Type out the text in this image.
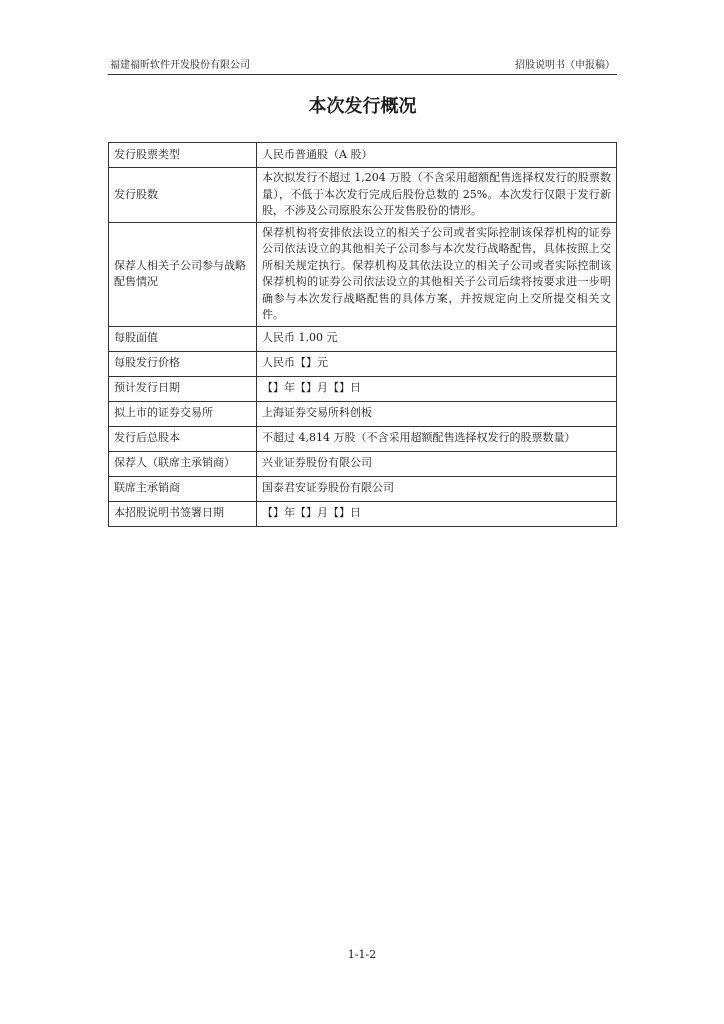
福建福昕软件开发股份有限公司	招股说明书（申报稿）
本次发行概况
发行股票类型	人民币普通股（A 股）
发行股数	本次拟发行不超过 1,204 万股（不含采用超额配售选择权发行的股票数量），不低于本次发行完成后股份总数的 25%。本次发行仅限于发行新股，不涉及公司原股东公开发售股份的情形。
保荐人相关子公司参与战略配售情况	保荐机构将安排依法设立的相关子公司或者实际控制该保荐机构的证券公司依法设立的其他相关子公司参与本次发行战略配售，具体按照上交所相关规定执行。保荐机构及其依法设立的相关子公司或者实际控制该保荐机构的证券公司依法设立的其他相关子公司后续将按要求进一步明确参与本次发行战略配售的具体方案，并按规定向上交所提交相关文件。
每股面值	人民币 1.00 元
每股发行价格	人民币【】元
预计发行日期	【】年【】月【】日
拟上市的证券交易所	上海证券交易所科创板
发行后总股本	不超过 4,814 万股（不含采用超额配售选择权发行的股票数量）
保荐人（联席主承销商）	兴业证券股份有限公司
联席主承销商	国泰君安证券股份有限公司
本招股说明书签署日期	【】年【】月【】日
1-1-2
